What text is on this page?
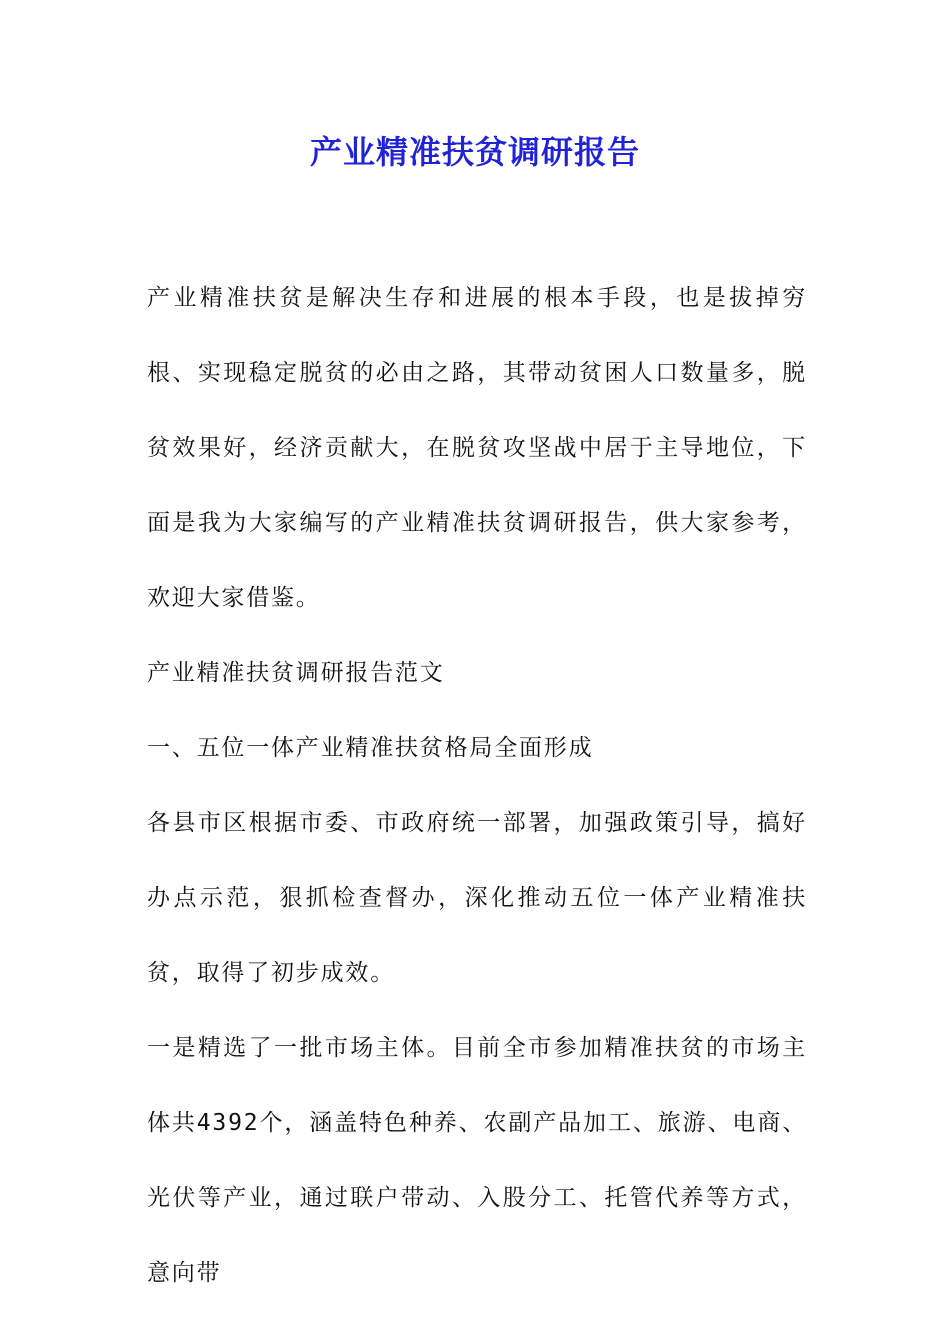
产业精准扶贫调研报告

产业精准扶贫是解决生存和进展的根本手段，也是拔掉穷根、实现稳定脱贫的必由之路，其带动贫困人口数量多，脱贫效果好，经济贡献大，在脱贫攻坚战中居于主导地位，下面是我为大家编写的产业精准扶贫调研报告，供大家参考，欢迎大家借鉴。

产业精准扶贫调研报告范文

一、五位一体产业精准扶贫格局全面形成

各县市区根据市委、市政府统一部署，加强政策引导，搞好办点示范，狠抓检查督办，深化推动五位一体产业精准扶贫，取得了初步成效。

一是精选了一批市场主体。目前全市参加精准扶贫的市场主体共4392个，涵盖特色种养、农副产品加工、旅游、电商、光伏等产业，通过联户带动、入股分工、托管代养等方式，意向带
